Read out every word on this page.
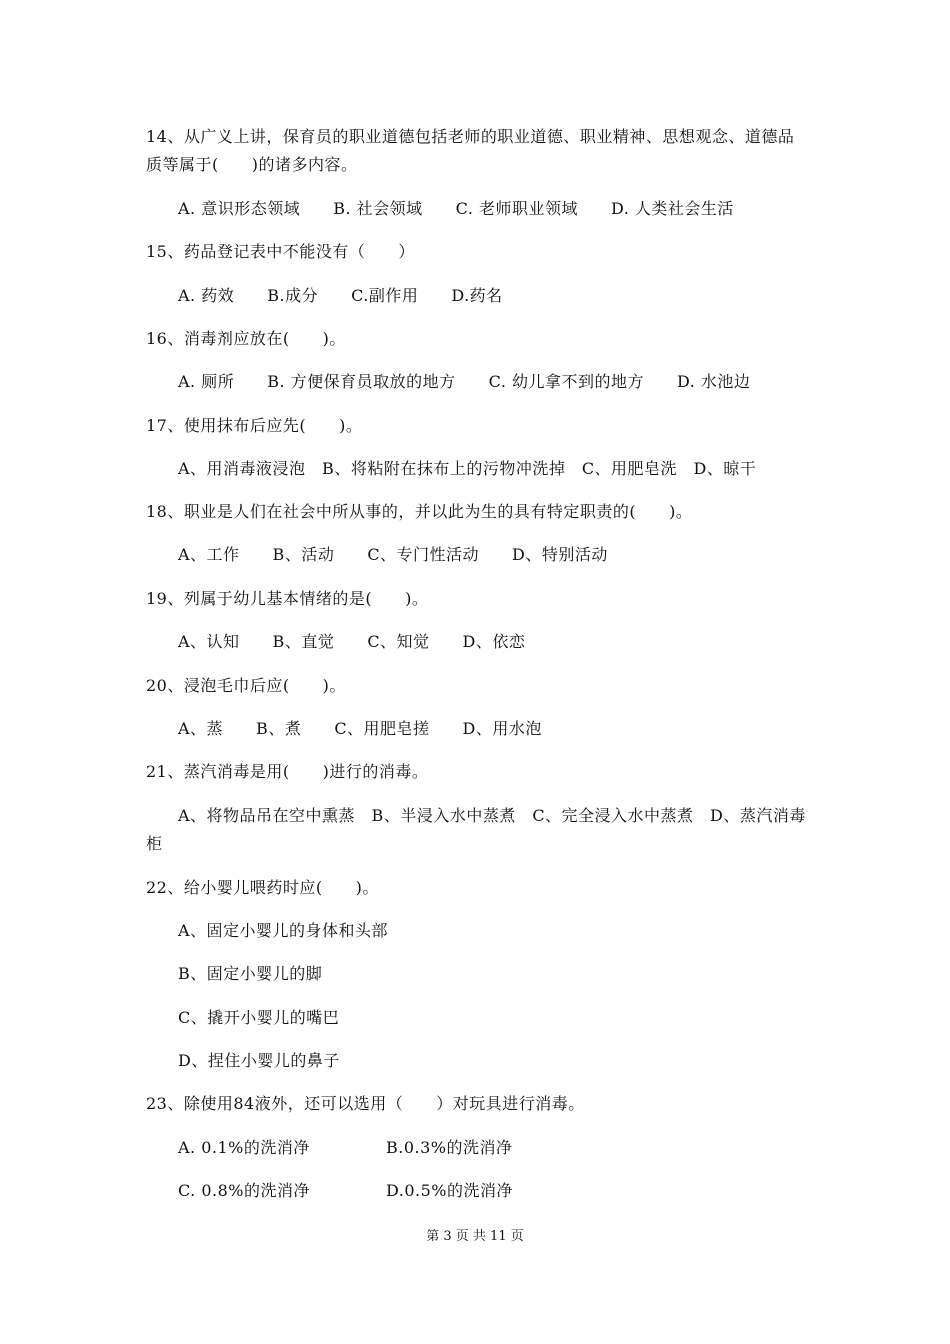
14、从广义上讲，保育员的职业道德包括老师的职业道德、职业精神、思想观念、道德品
质等属于(　　)的诸多内容。
A. 意识形态领域　　B. 社会领域　　C. 老师职业领域　　D. 人类社会生活
15、药品登记表中不能没有（　　）
A. 药效　　B.成分　　C.副作用　　D.药名
16、消毒剂应放在(　　)。
A. 厕所　　B. 方便保育员取放的地方　　C. 幼儿拿不到的地方　　D. 水池边
17、使用抹布后应先(　　)。
A、用消毒液浸泡　B、将粘附在抹布上的污物冲洗掉　C、用肥皂洗　D、晾干
18、职业是人们在社会中所从事的，并以此为生的具有特定职责的(　　)。
A、工作　　B、活动　　C、专门性活动　　D、特别活动
19、列属于幼儿基本情绪的是(　　)。
A、认知　　B、直觉　　C、知觉　　D、依恋
20、浸泡毛巾后应(　　)。
A、蒸　　B、煮　　C、用肥皂搓　　D、用水泡
21、蒸汽消毒是用(　　)进行的消毒。
A、将物品吊在空中熏蒸　B、半浸入水中蒸煮　C、完全浸入水中蒸煮　D、蒸汽消毒
柜
22、给小婴儿喂药时应(　　)。
A、固定小婴儿的身体和头部
B、固定小婴儿的脚
C、撬开小婴儿的嘴巴
D、捏住小婴儿的鼻子
23、除使用84液外，还可以选用（　　）对玩具进行消毒。
A. 0.1%的洗消净	B.0.3%的洗消净
C. 0.8%的洗消净	D.0.5%的洗消净
第 3 页 共 11 页
